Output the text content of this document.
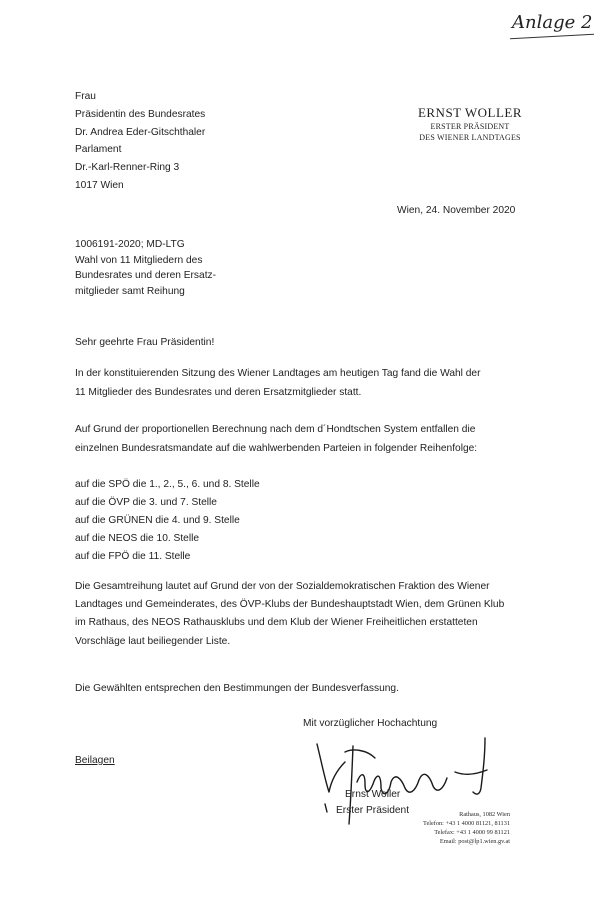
Anlage 2
Frau
Präsidentin des Bundesrates
Dr. Andrea Eder-Gitschthaler
Parlament
Dr.-Karl-Renner-Ring 3
1017 Wien
ERNST WOLLER
ERSTER PRÄSIDENT
DES WIENER LANDTAGES
Wien, 24. November 2020
1006191-2020; MD-LTG
Wahl von 11 Mitgliedern des
Bundesrates und deren Ersatz-
mitglieder samt Reihung
Sehr geehrte Frau Präsidentin!
In der konstituierenden Sitzung des Wiener Landtages am heutigen Tag fand die Wahl der
11 Mitglieder des Bundesrates und deren Ersatzmitglieder statt.
Auf Grund der proportionellen Berechnung nach dem d´Hondtschen System entfallen die
einzelnen Bundesratsmandate auf die wahlwerbenden Parteien in folgender Reihenfolge:
auf die SPÖ die 1., 2., 5., 6. und 8. Stelle
auf die ÖVP die 3. und 7. Stelle
auf die GRÜNEN die 4. und 9. Stelle
auf die NEOS die 10. Stelle
auf die FPÖ die 11. Stelle
Die Gesamtreihung lautet auf Grund der von der Sozialdemokratischen Fraktion des Wiener
Landtages und Gemeinderates, des ÖVP-Klubs der Bundeshauptstadt Wien, dem Grünen Klub
im Rathaus, des NEOS Rathausklubs und dem Klub der Wiener Freiheitlichen erstatteten
Vorschläge laut beiliegender Liste.
Die Gewählten entsprechen den Bestimmungen der Bundesverfassung.
Mit vorzüglicher Hochachtung
Beilagen
Ernst Woller
Erster Präsident	Rathaus, 1082 Wien
Telefon: +43 1 4000 81121, 81131
Telefax: +43 1 4000 99 81121
Email: post@lp1.wien.gv.at
